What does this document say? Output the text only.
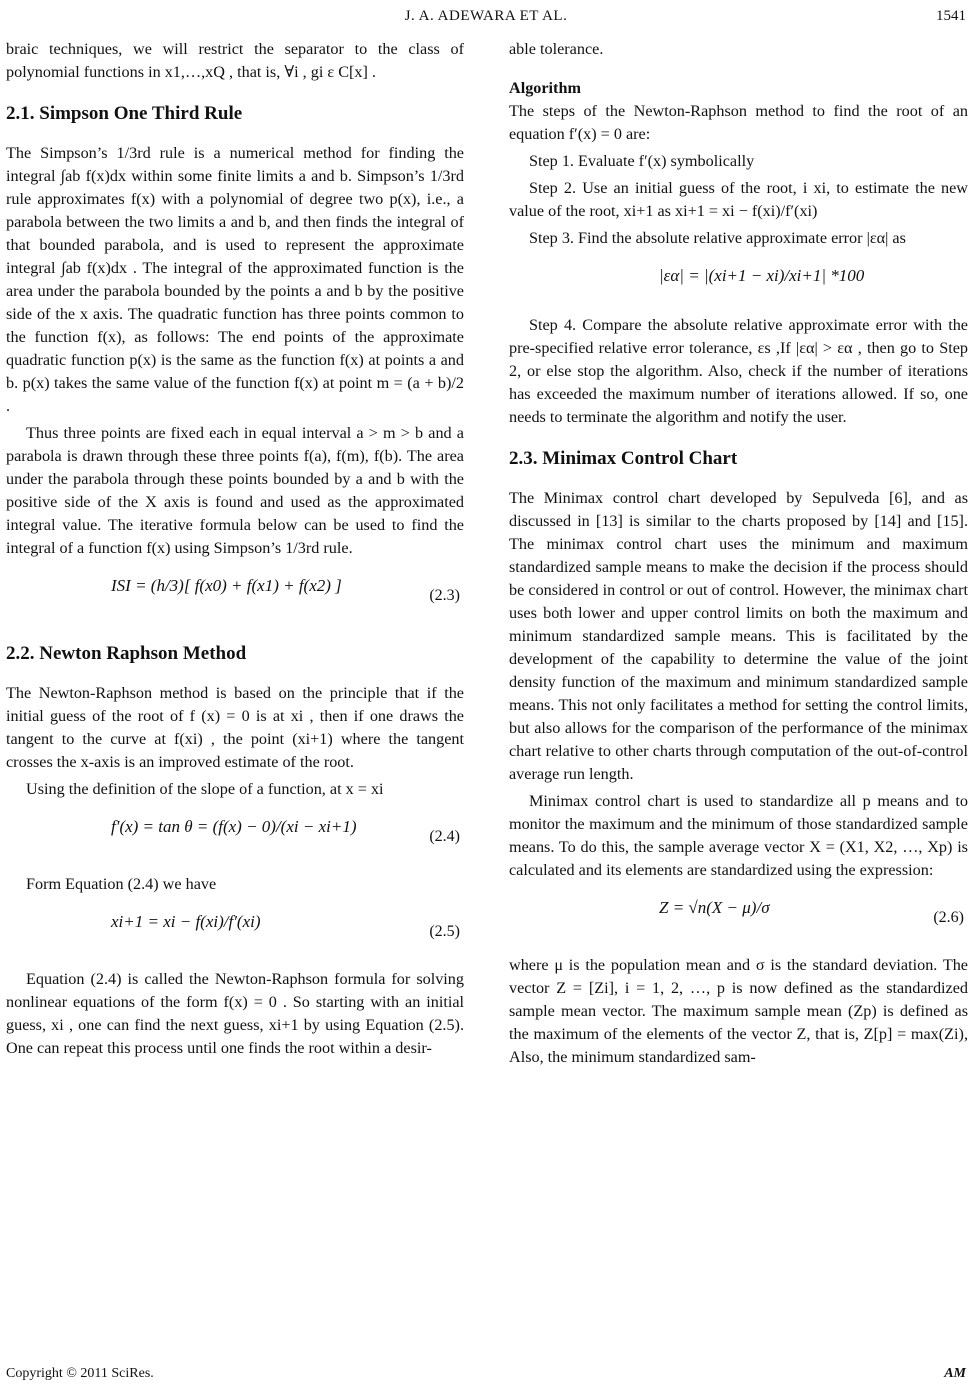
J. A. ADEWARA ET AL.	1541

braic techniques, we will restrict the separator to the class of polynomial functions in x1,…,xQ , that is, ∀i , gi ε C[x] .

2.1. Simpson One Third Rule

The Simpson’s 1/3rd rule is a numerical method for finding the integral ∫ab f(x)dx within some finite limits a and b. Simpson’s 1/3rd rule approximates f(x) with a polynomial of degree two p(x), i.e., a parabola between the two limits a and b, and then finds the integral of that bounded parabola, and is used to represent the approximate integral ∫ab f(x)dx . The integral of the approximated function is the area under the parabola bounded by the points a and b by the positive side of the x axis. The quadratic function has three points common to the function f(x), as follows: The end points of the approximate quadratic function p(x) is the same as the function f(x) at points a and b. p(x) takes the same value of the function f(x) at point m = (a + b)/2 .

Thus three points are fixed each in equal interval a > m > b and a parabola is drawn through these three points f(a), f(m), f(b). The area under the parabola through these points bounded by a and b with the positive side of the X axis is found and used as the approximated integral value. The iterative formula below can be used to find the integral of a function f(x) using Simpson’s 1/3rd rule.

ISI = (h/3)[ f(x0) + f(x1) + f(x2) ]
(2.3)
2.2. Newton Raphson Method

The Newton-Raphson method is based on the principle that if the initial guess of the root of f (x) = 0 is at xi , then if one draws the tangent to the curve at f(xi) , the point (xi+1) where the tangent crosses the x-axis is an improved estimate of the root.

Using the definition of the slope of a function, at x = xi

f′(x) = tan θ = (f(x) − 0)/(xi − xi+1)
(2.4)

Form Equation (2.4) we have

xi+1 = xi − f(xi)/f′(xi)
(2.5)

Equation (2.4) is called the Newton-Raphson formula for solving nonlinear equations of the form f(x) = 0 . So starting with an initial guess, xi , one can find the next guess, xi+1 by using Equation (2.5). One can repeat this process until one finds the root within a desir-

able tolerance.

Algorithm

The steps of the Newton-Raphson method to find the root of an equation f′(x) = 0 are:

Step 1. Evaluate f′(x) symbolically

Step 2. Use an initial guess of the root, i xi, to estimate the new value of the root, xi+1 as xi+1 = xi − f(xi)/f′(xi)

Step 3. Find the absolute relative approximate error |εα| as

|εα| = |(xi+1 − xi)/xi+1| *100

Step 4. Compare the absolute relative approximate error with the pre-specified relative error tolerance, εs ,If |εα| > εα , then go to Step 2, or else stop the algorithm. Also, check if the number of iterations has exceeded the maximum number of iterations allowed. If so, one needs to terminate the algorithm and notify the user.

2.3. Minimax Control Chart

The Minimax control chart developed by Sepulveda [6], and as discussed in [13] is similar to the charts proposed by [14] and [15]. The minimax control chart uses the minimum and maximum standardized sample means to make the decision if the process should be considered in control or out of control. However, the minimax chart uses both lower and upper control limits on both the maximum and minimum standardized sample means. This is facilitated by the development of the capability to determine the value of the joint density function of the maximum and minimum standardized sample means. This not only facilitates a method for setting the control limits, but also allows for the comparison of the performance of the minimax chart relative to other charts through computation of the out-of-control average run length.

Minimax control chart is used to standardize all p means and to monitor the maximum and the minimum of those standardized sample means. To do this, the sample average vector X = (X1, X2, …, Xp) is calculated and its elements are standardized using the expression:

Z = √n(X − μ)/σ
(2.6)

where μ is the population mean and σ is the standard deviation. The vector Z = [Zi], i = 1, 2, …, p is now defined as the standardized sample mean vector. The maximum sample mean (Zp) is defined as the maximum of the elements of the vector Z, that is, Z[p] = max(Zi), Also, the minimum standardized sam-

Copyright © 2011 SciRes.	AM
